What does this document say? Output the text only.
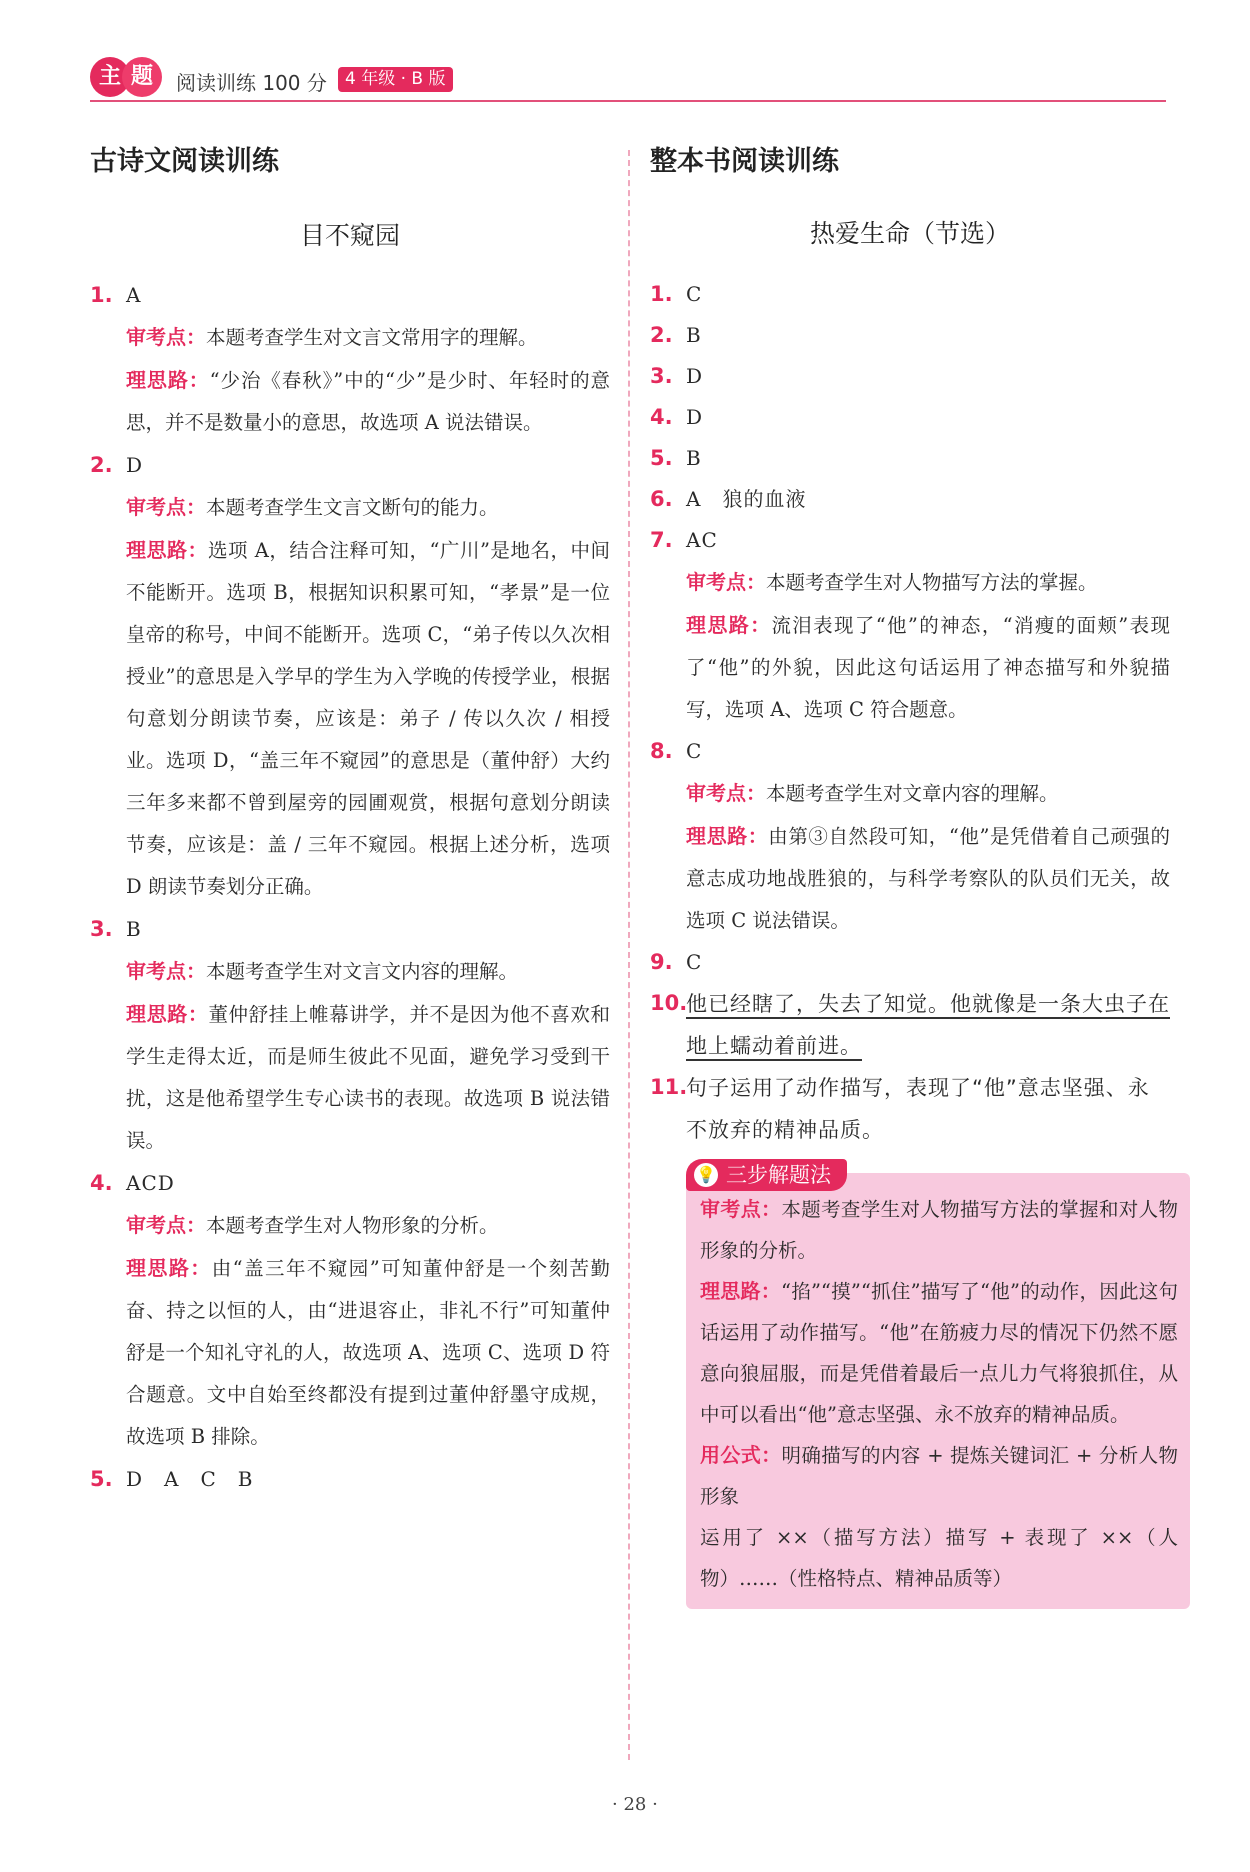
主 题	阅读训练 100 分	4 年级 · B 版
古诗文阅读训练
目不窥园
1. A

审考点：本题考查学生对文言文常用字的理解。

理思路：“少治《春秋》”中的“少”是少时、年轻时的意思，并不是数量小的意思，故选项 A 说法错误。

2. D

审考点：本题考查学生文言文断句的能力。

理思路：选项 A，结合注释可知，“广川”是地名，中间不能断开。选项 B，根据知识积累可知，“孝景”是一位皇帝的称号，中间不能断开。选项 C，“弟子传以久次相授业”的意思是入学早的学生为入学晚的传授学业，根据句意划分朗读节奏，应该是：弟子 / 传以久次 / 相授业。选项 D，“盖三年不窥园”的意思是（董仲舒）大约三年多来都不曾到屋旁的园圃观赏，根据句意划分朗读节奏，应该是：盖 / 三年不窥园。根据上述分析，选项 D 朗读节奏划分正确。

3. B

审考点：本题考查学生对文言文内容的理解。

理思路：董仲舒挂上帷幕讲学，并不是因为他不喜欢和学生走得太近，而是师生彼此不见面，避免学习受到干扰，这是他希望学生专心读书的表现。故选项 B 说法错误。

4. ACD

审考点：本题考查学生对人物形象的分析。

理思路：由“盖三年不窥园”可知董仲舒是一个刻苦勤奋、持之以恒的人，由“进退容止，非礼不行”可知董仲舒是一个知礼守礼的人，故选项 A、选项 C、选项 D 符合题意。文中自始至终都没有提到过董仲舒墨守成规，故选项 B 排除。

5. D　A　C　B
整本书阅读训练
热爱生命（节选）
1. C
2. B
3. D
4. D
5. B
6. A　狼的血液
7. AC

审考点：本题考查学生对人物描写方法的掌握。

理思路：流泪表现了“他”的神态，“消瘦的面颊”表现了“他”的外貌，因此这句话运用了神态描写和外貌描写，选项 A、选项 C 符合题意。

8. C

审考点：本题考查学生对文章内容的理解。

理思路：由第③自然段可知，“他”是凭借着自己顽强的意志成功地战胜狼的，与科学考察队的队员们无关，故选项 C 说法错误。

9. C
10.
他已经瞎了，失去了知觉。他就像是一条大虫子在地上蠕动着前进。
11.
句子运用了动作描写，表现了“他”意志坚强、永不放弃的精神品质。
💡 三步解题法

审考点：本题考查学生对人物描写方法的掌握和对人物形象的分析。

理思路：“掐”“摸”“抓住”描写了“他”的动作，因此这句话运用了动作描写。“他”在筋疲力尽的情况下仍然不愿意向狼屈服，而是凭借着最后一点儿力气将狼抓住，从中可以看出“他”意志坚强、永不放弃的精神品质。

用公式：明确描写的内容 + 提炼关键词汇 + 分析人物形象

运用了 ××（描写方法）描写 + 表现了 ××（人物）……（性格特点、精神品质等）

· 28 ·
